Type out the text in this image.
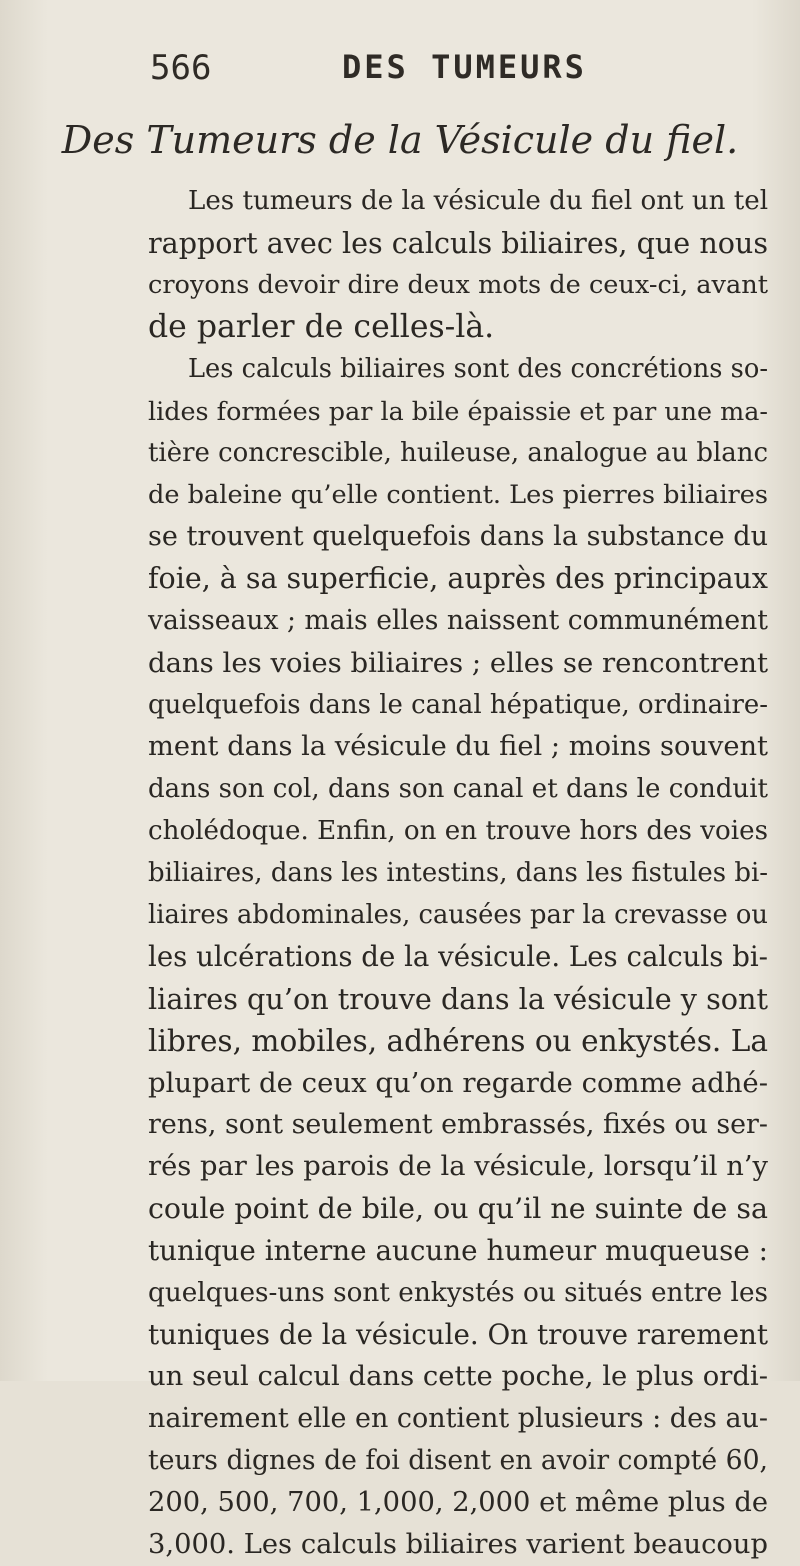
566	DES TUMEURS
Des Tumeurs de la Vésicule du fiel.
Les tumeurs de la vésicule du fiel ont un tel
rapport avec les calculs biliaires, que nous
croyons devoir dire deux mots de ceux-ci, avant
de parler de celles-là.
Les calculs biliaires sont des concrétions so-
lides formées par la bile épaissie et par une ma-
tière concrescible, huileuse, analogue au blanc
de baleine qu’elle contient. Les pierres biliaires
se trouvent quelquefois dans la substance du
foie, à sa superficie, auprès des principaux
vaisseaux ; mais elles naissent communément
dans les voies biliaires ; elles se rencontrent
quelquefois dans le canal hépatique, ordinaire-
ment dans la vésicule du fiel ; moins souvent
dans son col, dans son canal et dans le conduit
cholédoque. Enfin, on en trouve hors des voies
biliaires, dans les intestins, dans les fistules bi-
liaires abdominales, causées par la crevasse ou
les ulcérations de la vésicule. Les calculs bi-
liaires qu’on trouve dans la vésicule y sont
libres, mobiles, adhérens ou enkystés. La
plupart de ceux qu’on regarde comme adhé-
rens, sont seulement embrassés, fixés ou ser-
rés par les parois de la vésicule, lorsqu’il n’y
coule point de bile, ou qu’il ne suinte de sa
tunique interne aucune humeur muqueuse :
quelques-uns sont enkystés ou situés entre les
tuniques de la vésicule. On trouve rarement
un seul calcul dans cette poche, le plus ordi-
nairement elle en contient plusieurs : des au-
teurs dignes de foi disent en avoir compté 60,
200, 500, 700, 1,000, 2,000 et même plus de
3,000. Les calculs biliaires varient beaucoup
